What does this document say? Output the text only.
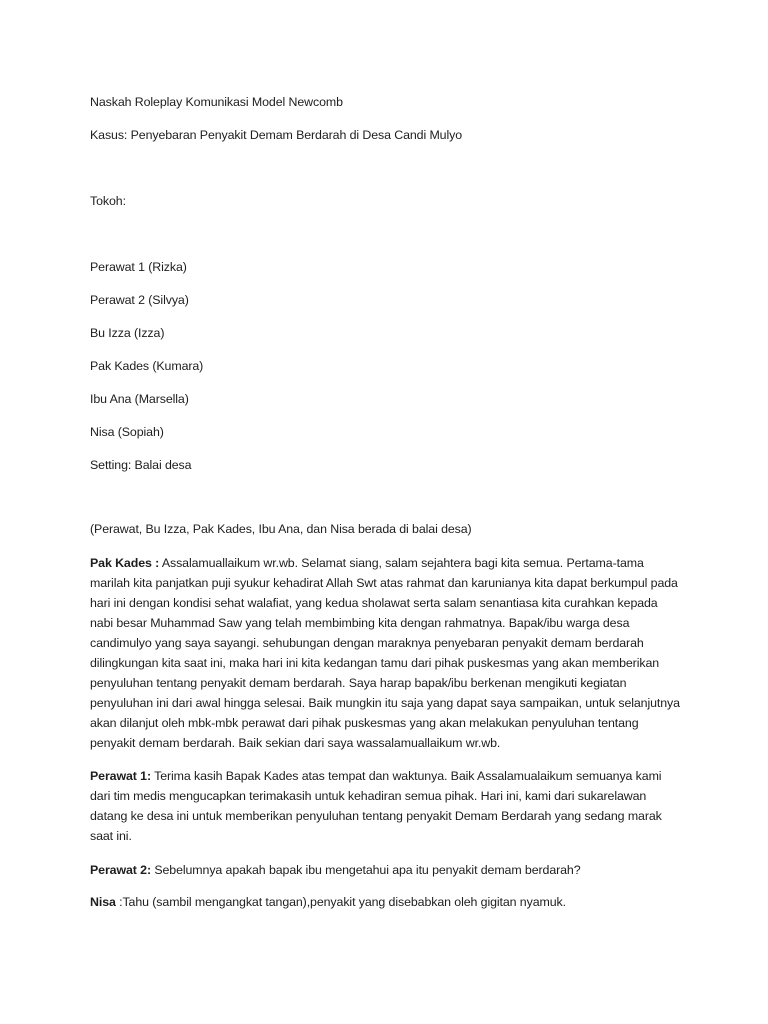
Naskah Roleplay Komunikasi Model Newcomb

Kasus: Penyebaran Penyakit Demam Berdarah di Desa Candi Mulyo

Tokoh:

Perawat 1 (Rizka)

Perawat 2 (Silvya)

Bu Izza (Izza)

Pak Kades (Kumara)

Ibu Ana (Marsella)

Nisa (Sopiah)

Setting: Balai desa

(Perawat, Bu Izza, Pak Kades, Ibu Ana, dan Nisa berada di balai desa)

Pak Kades : Assalamuallaikum wr.wb. Selamat siang, salam sejahtera bagi kita semua. Pertama-tama marilah kita panjatkan puji syukur kehadirat Allah Swt atas rahmat dan karunianya kita dapat berkumpul pada hari ini dengan kondisi sehat walafiat, yang kedua sholawat serta salam senantiasa kita curahkan kepada nabi besar Muhammad Saw yang telah membimbing kita dengan rahmatnya. Bapak/ibu warga desa candimulyo yang saya sayangi. sehubungan dengan maraknya penyebaran penyakit demam berdarah dilingkungan kita saat ini, maka hari ini kita kedangan tamu dari pihak puskesmas yang akan memberikan penyuluhan tentang penyakit demam berdarah. Saya harap bapak/ibu berkenan mengikuti kegiatan penyuluhan ini dari awal hingga selesai. Baik mungkin itu saja yang dapat saya sampaikan, untuk selanjutnya akan dilanjut oleh mbk-mbk perawat dari pihak puskesmas yang akan melakukan penyuluhan tentang penyakit demam berdarah. Baik sekian dari saya wassalamuallaikum wr.wb.

Perawat 1: Terima kasih Bapak Kades atas tempat dan waktunya. Baik Assalamualaikum semuanya kami dari tim medis mengucapkan terimakasih untuk kehadiran semua pihak. Hari ini, kami dari sukarelawan datang ke desa ini untuk memberikan penyuluhan tentang penyakit Demam Berdarah yang sedang marak saat ini.

Perawat 2: Sebelumnya apakah bapak ibu mengetahui apa itu penyakit demam berdarah?

Nisa :Tahu (sambil mengangkat tangan),penyakit yang disebabkan oleh gigitan nyamuk.
